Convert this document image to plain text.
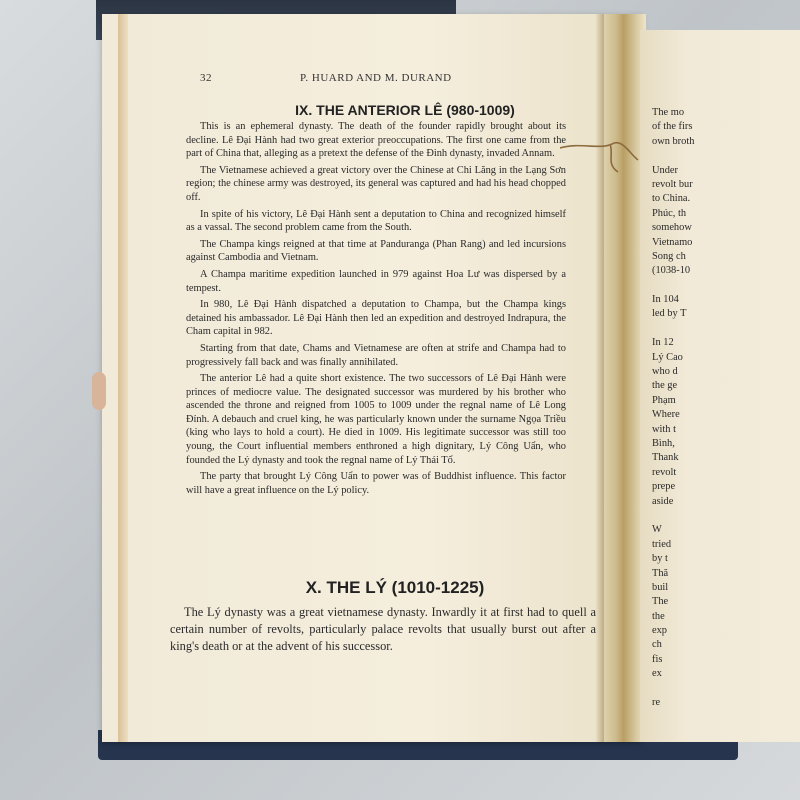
32	P. HUARD AND M. DURAND
IX. THE ANTERIOR LÊ (980-1009)

This is an ephemeral dynasty. The death of the founder rapidly brought about its decline. Lê Đại Hành had two great exterior preoccupations. The first one came from the part of China that, alleging as a pretext the defense of the Đinh dynasty, invaded Annam.

The Vietnamese achieved a great victory over the Chinese at Chi Lăng in the Lạng Sơn region; the chinese army was destroyed, its general was captured and had his head chopped off.

In spite of his victory, Lê Đại Hành sent a deputation to China and recognized himself as a vassal. The second problem came from the South.

The Champa kings reigned at that time at Panduranga (Phan Rang) and led incursions against Cambodia and Vietnam.

A Champa maritime expedition launched in 979 against Hoa Lư was dispersed by a tempest.

In 980, Lê Đại Hành dispatched a deputation to Champa, but the Champa kings detained his ambassador. Lê Đại Hành then led an expedition and destroyed Indrapura, the Cham capital in 982.

Starting from that date, Chams and Vietnamese are often at strife and Champa had to progressively fall back and was finally annihilated.

The anterior Lê had a quite short existence. The two successors of Lê Đại Hành were princes of mediocre value. The designated successor was murdered by his brother who ascended the throne and reigned from 1005 to 1009 under the regnal name of Lê Long Đỉnh. A debauch and cruel king, he was particularly known under the surname Ngọa Triều (king who lays to hold a court). He died in 1009. His legitimate successor was still too young, the Court influential members enthroned a high dignitary, Lý Công Uẩn, who founded the Lý dynasty and took the regnal name of Lý Thái Tổ.

The party that brought Lý Công Uẩn to power was of Buddhist influence. This factor will have a great influence on the Lý policy.

X. THE LÝ (1010-1225)

The Lý dynasty was a great vietnamese dynasty. Inwardly it at first had to quell a certain number of revolts, particularly palace revolts that usually burst out after a king's death or at the advent of his successor.

The mo
of the firs
own broth
Under
revolt bur
to China.
Phúc, th
somehow
Vietnamo
Song ch
(1038-10
In 104
led by T
In 12
Lý Cao
who d
the ge
Phạm
Where
with t
Bình,
Thank
revolt
prepe
aside
W
tried
by t
Thă
buil
The
the
exp
ch
fis
ex
re
